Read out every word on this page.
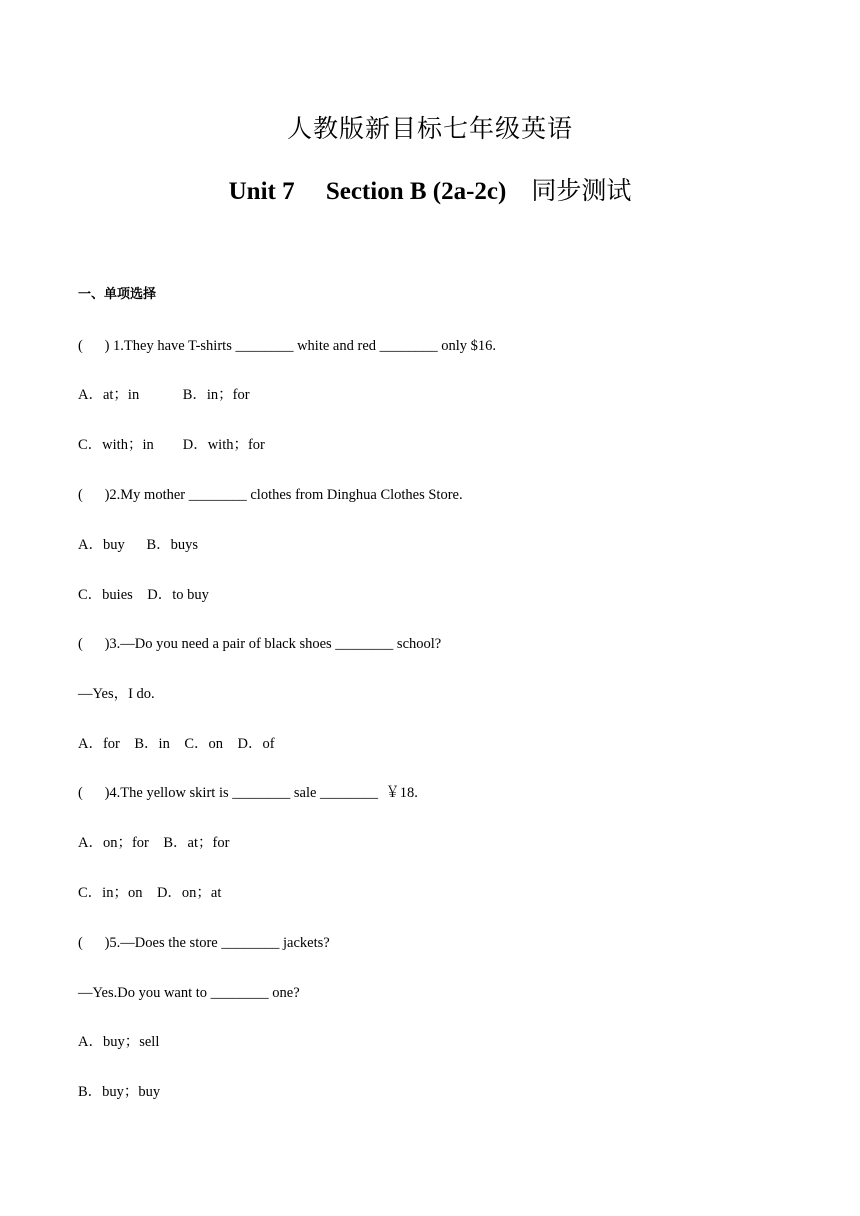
人教版新目标七年级英语
Unit 7     Section B (2a-2c) 同步测试
一、单项选择
(      ) 1.They have T-shirts ________ white and red ________ only $16.
A．at；in            B．in；for
C．with；in        D．with；for
(      )2.My mother ________ clothes from Dinghua Clothes Store.
A．buy      B．buys
C．buies    D．to buy
(      )3.—Do you need a pair of black shoes ________ school?
—Yes，I do.
A．for    B．in    C．on    D．of
(      )4.The yellow skirt is ________ sale ________  ￥18.
A．on；for    B．at；for
C．in；on    D．on；at
(      )5.—Does the store ________ jackets?
—Yes.Do you want to ________ one?
A．buy；sell
B．buy；buy
